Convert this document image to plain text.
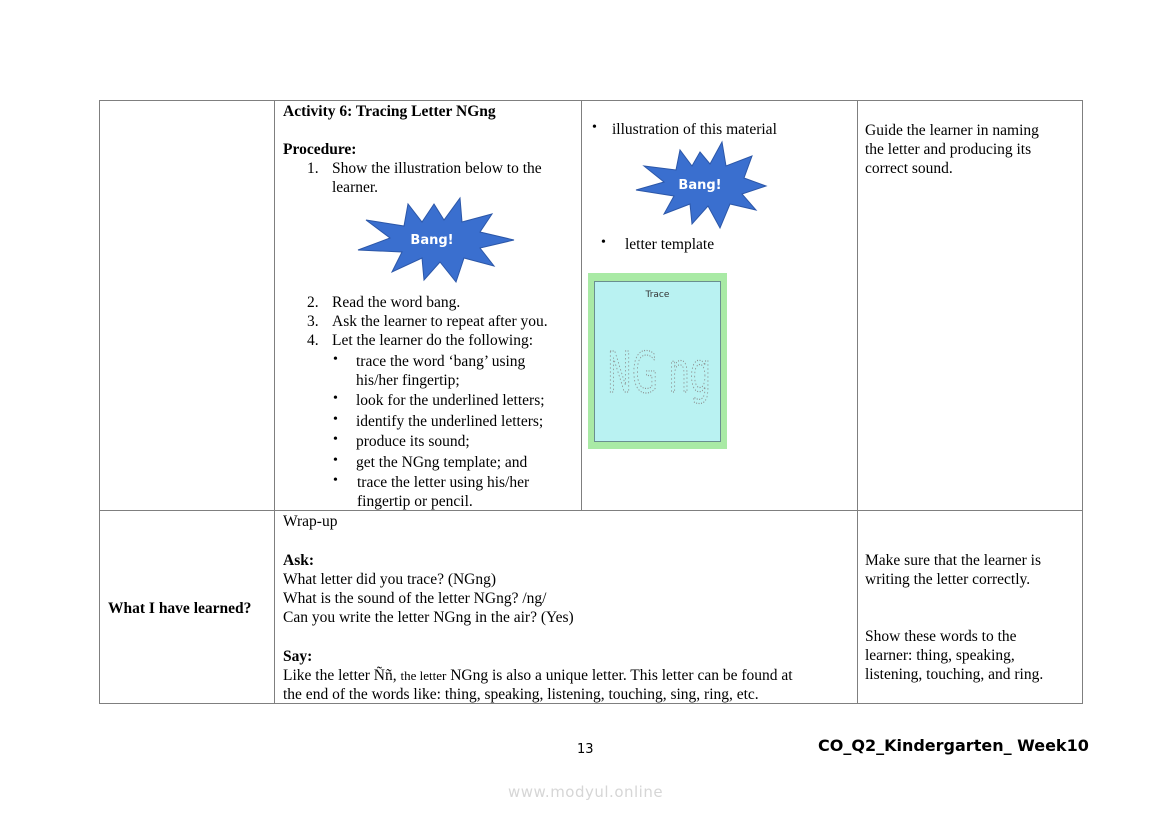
Activity 6: Tracing Letter NGng
Procedure:
1. Show the illustration below to the
learner.
Bang!
2. Read the word bang.
3. Ask the learner to repeat after you.
4. Let the learner do the following:
• trace the word ‘bang’ using
his/her fingertip;
• look for the underlined letters;
• identify the underlined letters;
• produce its sound;
• get the NGng template; and
• trace the letter using his/her
fingertip or pencil.
• illustration of this material
Bang!
• letter template
Trace
NG ng
Guide the learner in naming
the letter and producing its
correct sound.
What I have learned?
Wrap-up
Ask:
What letter did you trace? (NGng)
What is the sound of the letter NGng? /ng/
Can you write the letter NGng in the air? (Yes)
Say:
Like the letter Ññ, the letter NGng is also a unique letter. This letter can be found at
the end of the words like: thing, speaking, listening, touching, sing, ring, etc.
Make sure that the learner is
writing the letter correctly.
Show these words to the
learner: thing, speaking,
listening, touching, and ring.
13	CO_Q2_Kindergarten_ Week10
www.modyul.online
